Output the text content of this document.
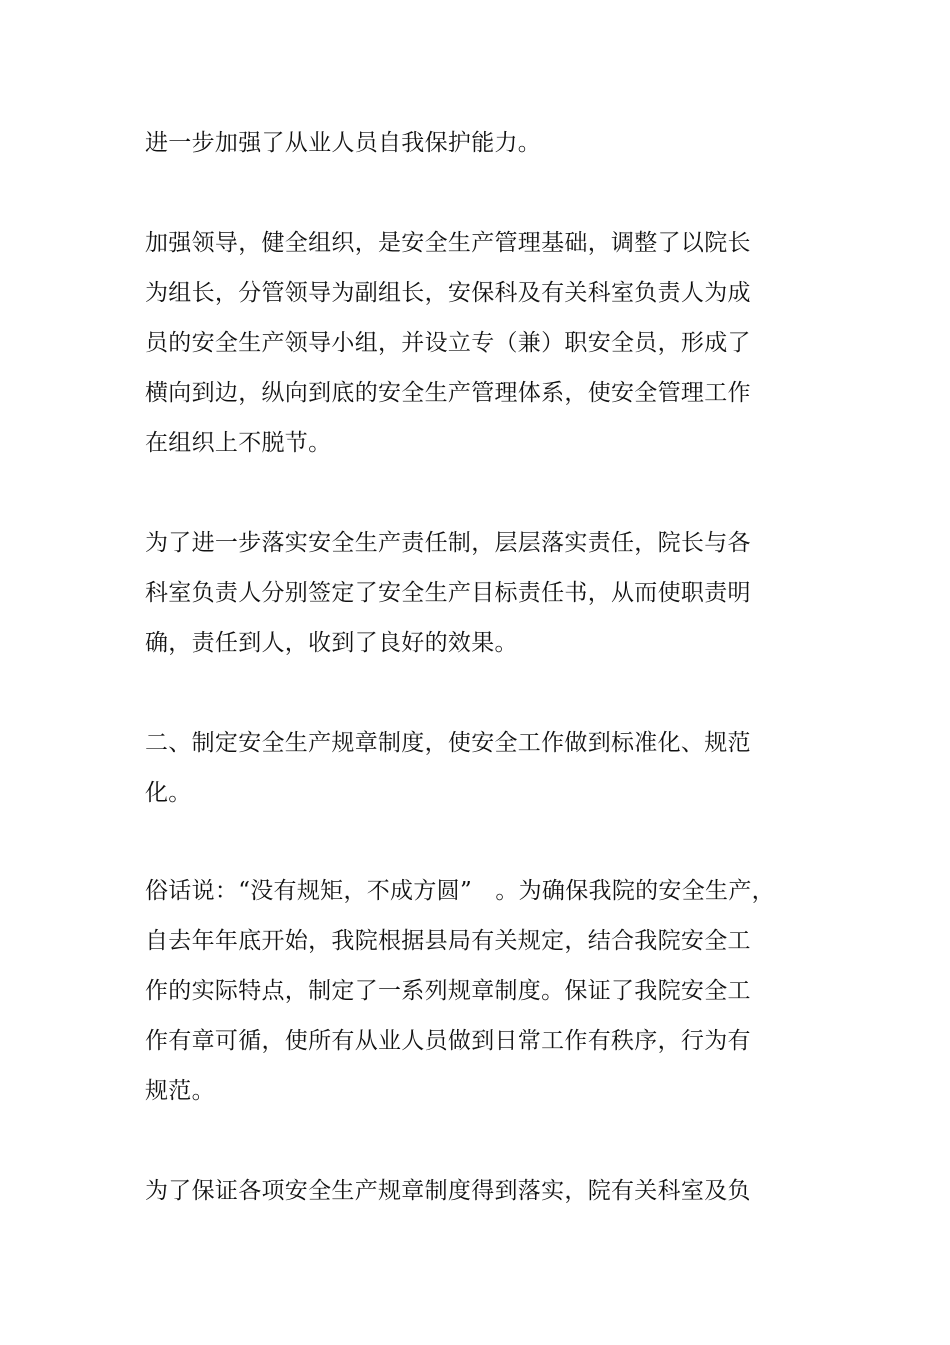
进一步加强了从业人员自我保护能力。
加强领导，健全组织，是安全生产管理基础，调整了以院长
为组长，分管领导为副组长，安保科及有关科室负责人为成
员的安全生产领导小组，并设立专（兼）职安全员，形成了
横向到边，纵向到底的安全生产管理体系，使安全管理工作
在组织上不脱节。
为了进一步落实安全生产责任制，层层落实责任，院长与各
科室负责人分别签定了安全生产目标责任书，从而使职责明
确，责任到人，收到了良好的效果。
二、制定安全生产规章制度，使安全工作做到标准化、规范
化。
俗话说：“没有规矩，不成方圆”　。为确保我院的安全生产，
自去年年底开始，我院根据县局有关规定，结合我院安全工
作的实际特点，制定了一系列规章制度。保证了我院安全工
作有章可循，使所有从业人员做到日常工作有秩序，行为有
规范。
为了保证各项安全生产规章制度得到落实，院有关科室及负
